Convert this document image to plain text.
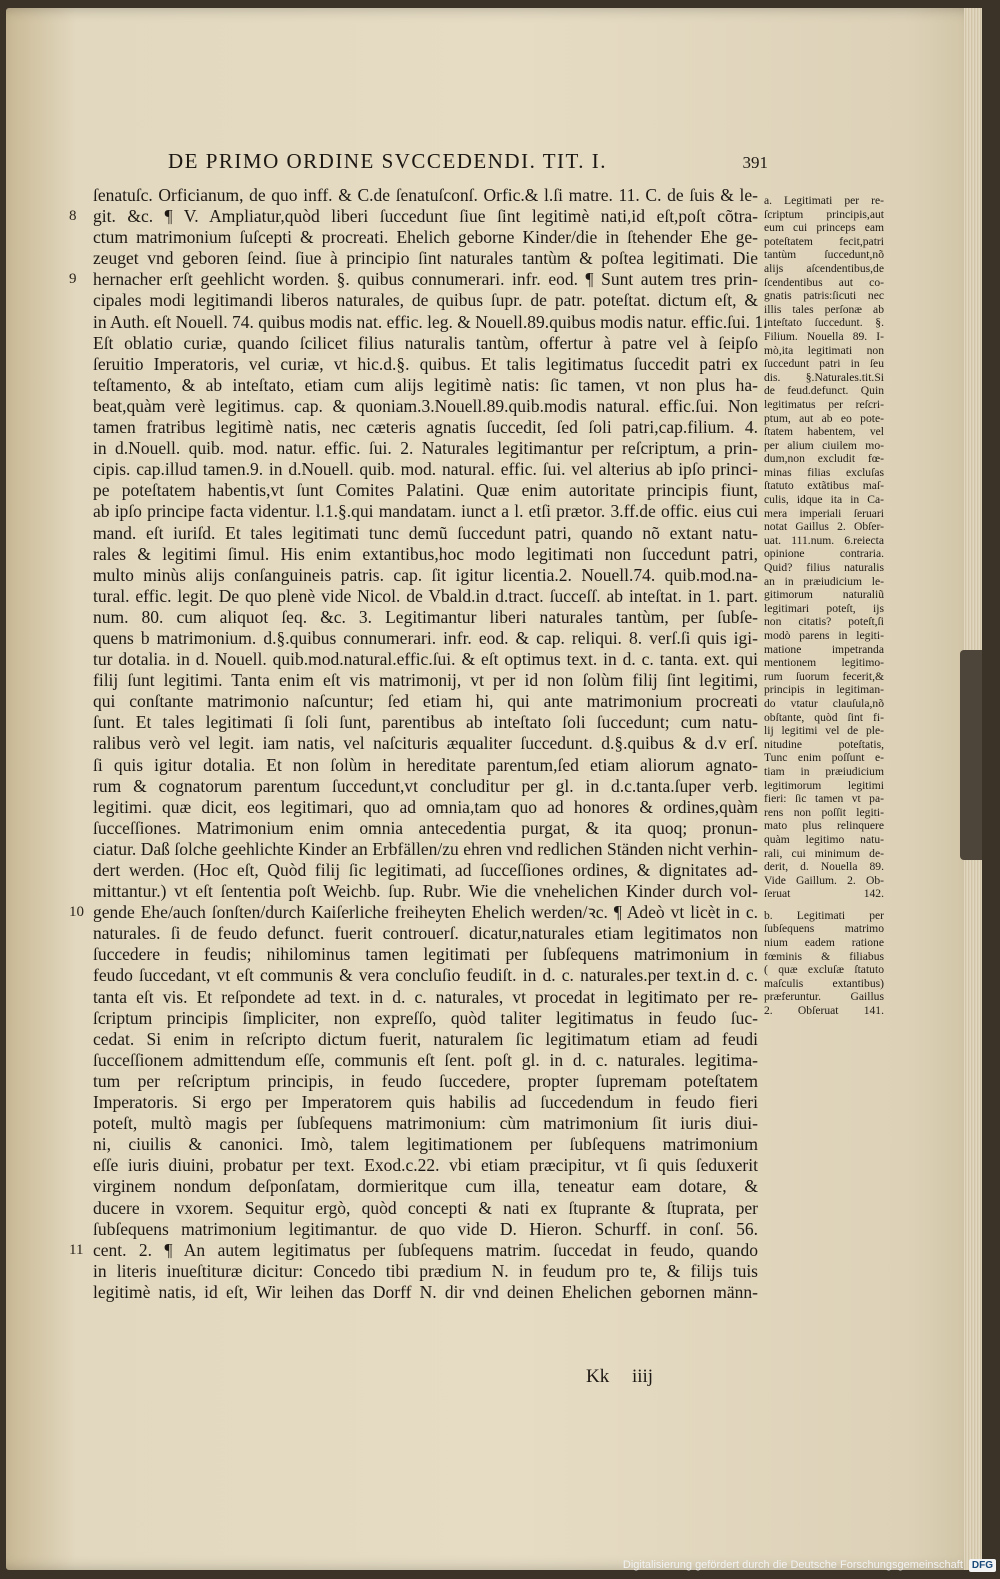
DE PRIMO ORDINE SVCCEDENDI. TIT. I.	391
ſenatuſc. Orficianum, de quo inff. & C.de ſenatuſconſ. Orfic.& l.ſi matre. 11. C. de ſuis & le-
8 git. &c. ¶ V. Ampliatur,quòd liberi ſuccedunt ſiue ſint legitimè nati,id eſt,poſt cõtra-
ctum matrimonium ſuſcepti & procreati. Ehelich geborne Kinder/die in ſtehender Ehe ge-
zeuget vnd geboren ſeind. ſiue à principio ſint naturales tantùm & poſtea legitimati. Die
9 hernacher erſt geehlicht worden. §. quibus connumerari. infr. eod. ¶ Sunt autem tres prin-
cipales modi legitimandi liberos naturales, de quibus ſupr. de patr. poteſtat. dictum eſt, &
in Auth. eſt Nouell. 74. quibus modis nat. effic. leg. & Nouell.89.quibus modis natur. effic.ſui. 1.
Eſt oblatio curiæ, quando ſcilicet filius naturalis tantùm, offertur à patre vel à ſeipſo
ſeruitio Imperatoris, vel curiæ, vt hic.d.§. quibus. Et talis legitimatus ſuccedit patri ex
teſtamento, & ab inteſtato, etiam cum alijs legitimè natis: ſic tamen, vt non plus ha-
beat,quàm verè legitimus. cap. & quoniam.3.Nouell.89.quib.modis natural. effic.ſui. Non
tamen fratribus legitimè natis, nec cæteris agnatis ſuccedit, ſed ſoli patri,cap.filium. 4.
in d.Nouell. quib. mod. natur. effic. ſui. 2. Naturales legitimantur per reſcriptum, a prin-
cipis. cap.illud tamen.9. in d.Nouell. quib. mod. natural. effic. ſui. vel alterius ab ipſo princi-
pe poteſtatem habentis,vt ſunt Comites Palatini. Quæ enim autoritate principis fiunt,
ab ipſo principe facta videntur. l.1.§.qui mandatam. iunct a l. etſi prætor. 3.ff.de offic. eius cui
mand. eſt iuriſd. Et tales legitimati tunc demũ ſuccedunt patri, quando nõ extant natu-
rales & legitimi ſimul. His enim extantibus,hoc modo legitimati non ſuccedunt patri,
multo minùs alijs conſanguineis patris. cap. ſit igitur licentia.2. Nouell.74. quib.mod.na-
tural. effic. legit. De quo plenè vide Nicol. de Vbald.in d.tract. ſucceſſ. ab inteſtat. in 1. part.
num. 80. cum aliquot ſeq. &c. 3. Legitimantur liberi naturales tantùm, per ſubſe-
quens b matrimonium. d.§.quibus connumerari. infr. eod. & cap. reliqui. 8. verſ.ſi quis igi-
tur dotalia. in d. Nouell. quib.mod.natural.effic.ſui. & eſt optimus text. in d. c. tanta. ext. qui
filij ſunt legitimi. Tanta enim eſt vis matrimonij, vt per id non ſolùm filij ſint legitimi,
qui conſtante matrimonio naſcuntur; ſed etiam hi, qui ante matrimonium procreati
ſunt. Et tales legitimati ſi ſoli ſunt, parentibus ab inteſtato ſoli ſuccedunt; cum natu-
ralibus verò vel legit. iam natis, vel naſcituris æqualiter ſuccedunt. d.§.quibus & d.v erſ.
ſi quis igitur dotalia. Et non ſolùm in hereditate parentum,ſed etiam aliorum agnato-
rum & cognatorum parentum ſuccedunt,vt concluditur per gl. in d.c.tanta.ſuper verb.
legitimi. quæ dicit, eos legitimari, quo ad omnia,tam quo ad honores & ordines,quàm
ſucceſſiones. Matrimonium enim omnia antecedentia purgat, & ita quoq; pronun-
ciatur. Daß ſolche geehlichte Kinder an Erbfällen/zu ehren vnd redlichen Ständen nicht verhin-
dert werden. (Hoc eſt, Quòd filij ſic legitimati, ad ſucceſſiones ordines, & dignitates ad-
mittantur.) vt eſt ſententia poſt Weichb. ſup. Rubr. Wie die vnehelichen Kinder durch vol-
10 gende Ehe/auch ſonſten/durch Kaiſerliche freiheyten Ehelich werden/ꝛc. ¶ Adeò vt licèt in c.
naturales. ſi de feudo defunct. fuerit controuerſ. dicatur,naturales etiam legitimatos non
ſuccedere in feudis; nihilominus tamen legitimati per ſubſequens matrimonium in
feudo ſuccedant, vt eſt communis & vera concluſio feudiſt. in d. c. naturales.per text.in d. c.
tanta eſt vis. Et reſpondete ad text. in d. c. naturales, vt procedat in legitimato per re-
ſcriptum principis ſimpliciter, non expreſſo, quòd taliter legitimatus in feudo ſuc-
cedat. Si enim in reſcripto dictum fuerit, naturalem ſic legitimatum etiam ad feudi
ſucceſſionem admittendum eſſe, communis eſt ſent. poſt gl. in d. c. naturales. legitima-
tum per reſcriptum principis, in feudo ſuccedere, propter ſupremam poteſtatem
Imperatoris. Si ergo per Imperatorem quis habilis ad ſuccedendum in feudo fieri
poteſt, multò magis per ſubſequens matrimonium: cùm matrimonium ſit iuris diui-
ni, ciuilis & canonici. Imò, talem legitimationem per ſubſequens matrimonium
eſſe iuris diuini, probatur per text. Exod.c.22. vbi etiam præcipitur, vt ſi quis ſeduxerit
virginem nondum deſponſatam, dormieritque cum illa, teneatur eam dotare, &
ducere in vxorem. Sequitur ergò, quòd concepti & nati ex ſtuprante & ſtuprata, per
ſubſequens matrimonium legitimantur. de quo vide D. Hieron. Schurff. in conſ. 56.
11 cent. 2. ¶ An autem legitimatus per ſubſequens matrim. ſuccedat in feudo, quando
in literis inueſtituræ dicitur: Concedo tibi prædium N. in feudum pro te, & filijs tuis
legitimè natis, id eſt, Wir leihen das Dorff N. dir vnd deinen Ehelichen gebornen männ-
a. Legitimati per re-
ſcriptum principis,aut
eum cui princeps eam
poteſtatem fecit,patri
tantùm ſuccedunt,nõ
alijs aſcendentibus,de
ſcendentibus aut co-
gnatis patris:ſicuti nec
illis tales perſonæ ab
inteſtato ſuccedunt. §.
Filium. Nouella 89. I-
mò,ita legitimati non
ſuccedunt patri in ſeu
dis. §.Naturales.tit.Si
de feud.defunct. Quin
legitimatus per reſcri-
ptum, aut ab eo pote-
ſtatem habentem, vel
per alium ciuilem mo-
dum,non excludit fœ-
minas filias excluſas
ſtatuto extãtibus maſ-
culis, idque ita in Ca-
mera imperiali ſeruari
notat Gaillus 2. Obſer-
uat. 111.num. 6.reiecta
opinione contraria.
Quid? filius naturalis
an in præiudicium le-
gitimorum naturaliũ
legitimari poteſt, ijs
non citatis? poteſt,ſi
modò parens in legiti-
matione impetranda
mentionem legitimo-
rum ſuorum fecerit,&
principis in legitiman-
do vtatur clauſula,nõ
obſtante, quòd ſint fi-
lij legitimi vel de ple-
nitudine poteſtatis,
Tunc enim poſſunt e-
tiam in præiudicium
legitimorum legitimi
fieri: ſic tamen vt pa-
rens non poſſit legiti-
mato plus relinquere
quàm legitimo natu-
rali, cui minimum de-
derit, d. Nouella 89.
Vide Gaillum. 2. Ob-
ſeruat 142.
b. Legitimati per
ſubſequens matrimo
nium eadem ratione
fœminis & filiabus
( quæ excluſæ ſtatuto
maſculis extantibus)
præferuntur. Gaillus
2. Obſeruat 141.
Kk iiij
Digitalisierung gefördert durch die Deutsche Forschungsgemeinschaft DFG
